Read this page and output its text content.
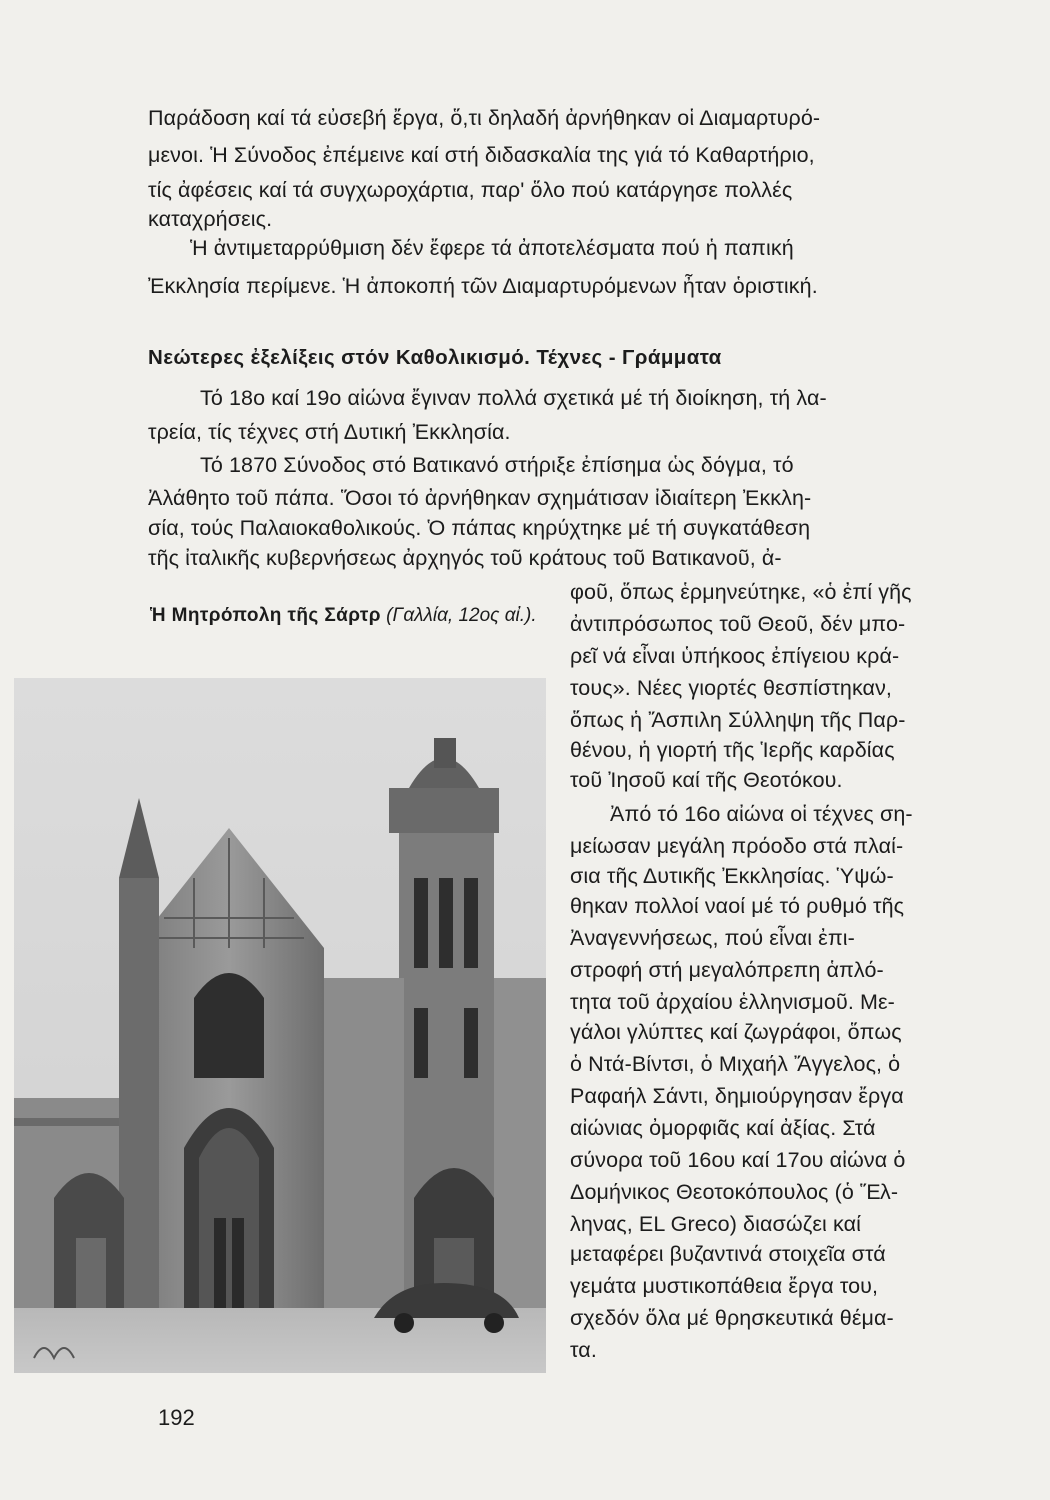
Παράδοση καί τά εὐσεβή ἔργα, ὅ,τι δηλαδή ἀρνήθηκαν οἱ Διαμαρτυρό-
μενοι. Ἡ Σύνοδος ἐπέμεινε καί στή διδασκαλία της γιά τό Καθαρτήριο,
τίς ἀφέσεις καί τά συγχωροχάρτια, παρ' ὅλο πού κατάργησε πολλές
καταχρήσεις.
Ἡ ἀντιμεταρρύθμιση δέν ἔφερε τά ἀποτελέσματα πού ἡ παπική
Ἐκκλησία περίμενε. Ἡ ἀποκοπή τῶν Διαμαρτυρόμενων ἦταν ὁριστική.
Νεώτερες ἐξελίξεις στόν Καθολικισμό. Τέχνες - Γράμματα
Τό 18ο καί 19ο αἰώνα ἔγιναν πολλά σχετικά μέ τή διοίκηση, τή λα-
τρεία, τίς τέχνες στή Δυτική Ἐκκλησία.
Τό 1870 Σύνοδος στό Βατικανό στήριξε ἐπίσημα ὡς δόγμα, τό
Ἀλάθητο τοῦ πάπα. Ὅσοι τό ἀρνήθηκαν σχημάτισαν ἰδιαίτερη Ἐκκλη-
σία, τούς Παλαιοκαθολικούς. Ὁ πάπας κηρύχτηκε μέ τή συγκατάθεση
τῆς ἰταλικῆς κυβερνήσεως ἀρχηγός τοῦ κράτους τοῦ Βατικανοῦ, ἀ-
φοῦ, ὅπως ἑρμηνεύτηκε, «ὁ ἐπί γῆς
ἀντιπρόσωπος τοῦ Θεοῦ, δέν μπο-
ρεῖ νά εἶναι ὑπήκοος ἐπίγειου κρά-
τους». Νέες γιορτές θεσπίστηκαν,
ὅπως ἡ Ἄσπιλη Σύλληψη τῆς Παρ-
θένου, ἡ γιορτή τῆς Ἱερῆς καρδίας
τοῦ Ἰησοῦ καί τῆς Θεοτόκου.
Ἀπό τό 16ο αἰώνα οἱ τέχνες ση-
μείωσαν μεγάλη πρόοδο στά πλαί-
σια τῆς Δυτικῆς Ἐκκλησίας. Ὑψώ-
θηκαν πολλοί ναοί μέ τό ρυθμό τῆς
Ἀναγεννήσεως, πού εἶναι ἐπι-
στροφή στή μεγαλόπρεπη ἁπλό-
τητα τοῦ ἀρχαίου ἑλληνισμοῦ. Με-
γάλοι γλύπτες καί ζωγράφοι, ὅπως
ὁ Ντά-Βίντσι, ὁ Μιχαήλ Ἄγγελος, ὁ
Ραφαήλ Σάντι, δημιούργησαν ἔργα
αἰώνιας ὀμορφιᾶς καί ἀξίας. Στά
σύνορα τοῦ 16ου καί 17ου αἰώνα ὁ
Δομήνικος Θεοτοκόπουλος (ὁ Ἕλ-
ληνας, EL Greco) διασώζει καί
μεταφέρει βυζαντινά στοιχεῖα στά
γεμάτα μυστικοπάθεια ἔργα του,
σχεδόν ὅλα μέ θρησκευτικά θέμα-
τα.
Ἡ Μητρόπολη τῆς Σάρτρ (Γαλλία, 12ος αἰ.).
192
